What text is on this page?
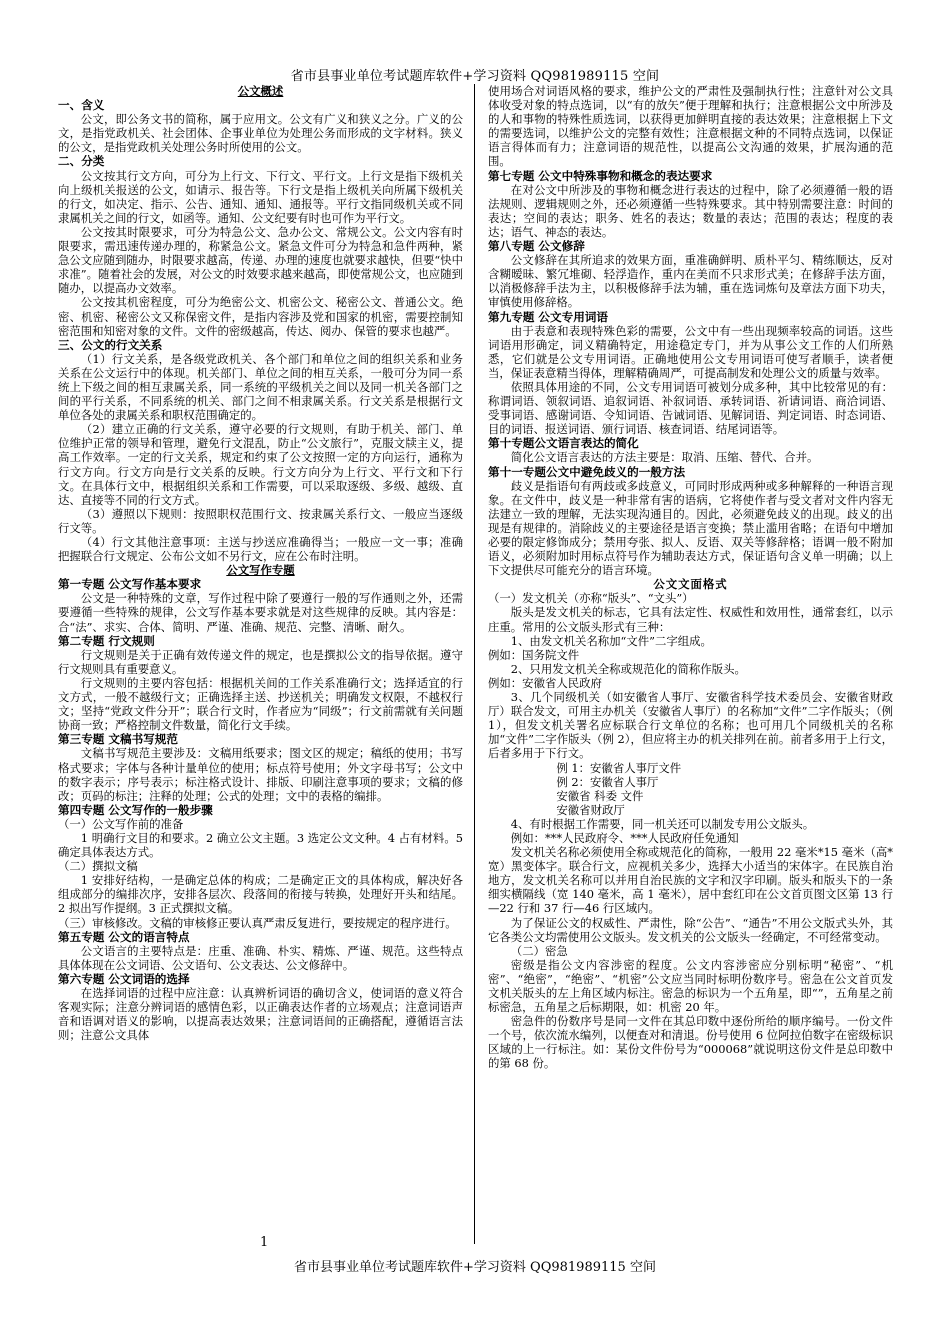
省市县事业单位考试题库软件+学习资料 QQ981989115 空间

公文概述

一、含义

公文，即公务文书的简称，属于应用文。公文有广义和狭义之分。广义的公文，是指党政机关、社会团体、企事业单位为处理公务而形成的文字材料。狭义的公文，是指党政机关处理公务时所使用的公文。

二、分类

公文按其行文方向，可分为上行文、下行文、平行文。上行文是指下级机关向上级机关报送的公文，如请示、报告等。下行文是指上级机关向所属下级机关的行文，如决定、指示、公告、通知、通知、通报等。平行文指同级机关或不同隶属机关之间的行文，如函等。通知、公文纪要有时也可作为平行文。

公文按其时限要求，可分为特急公文、急办公文、常规公文。公文内容有时限要求，需迅速传递办理的，称紧急公文。紧急文件可分为特急和急件两种，紧急公文应随到随办，时限要求越高，传递、办理的速度也就要求越快，但要“快中求准”。随着社会的发展，对公文的时效要求越来越高，即使常规公文，也应随到随办，以提高办文效率。

公文按其机密程度，可分为绝密公文、机密公文、秘密公文、普通公文。绝密、机密、秘密公文又称保密文件，是指内容涉及党和国家的机密，需要控制知密范围和知密对象的文件。文件的密级越高，传达、阅办、保管的要求也越严。

三、公文的行文关系

（1）行文关系，是各级党政机关、各个部门和单位之间的组织关系和业务关系在公文运行中的体现。机关部门、单位之间的相互关系，一般可分为同一系统上下级之间的相互隶属关系，同一系统的平级机关之间以及同一机关各部门之间的平行关系，不同系统的机关、部门之间不相隶属关系。行文关系是根据行文单位各处的隶属关系和职权范围确定的。

（2）建立正确的行文关系，遵守必要的行文规则，有助于机关、部门、单位维护正常的领导和管理，避免行文混乱，防止“公文旅行”，克服文牍主义，提高工作效率。一定的行文关系，规定和约束了公文按照一定的方向运行，通称为行文方向。行文方向是行文关系的反映。行文方向分为上行文、平行文和下行文。在具体行文中，根据组织关系和工作需要，可以采取逐级、多级、越级、直达、直接等不同的行文方式。

（3）遵照以下规则：按照职权范围行文、按隶属关系行文、一般应当逐级行文等。

（4）行文其他注意事项：主送与抄送应准确得当；一般应一文一事；准确把握联合行文规定、公布公文如不另行文，应在公布时注明。

公文写作专题

第一专题 公文写作基本要求

公文是一种特殊的文章，写作过程中除了要遵行一般的写作通则之外，还需要遵循一些特殊的规律，公文写作基本要求就是对这些规律的反映。其内容是：合“法”、求实、合体、简明、严谨、准确、规范、完整、清晰、耐久。

第二专题 行文规则

行文规则是关于正确有效传递文件的规定，也是撰拟公文的指导依据。遵守行文规则具有重要意义。

行文规则的主要内容包括：根据机关间的工作关系准确行文；选择适宜的行文方式，一般不越级行文；正确选择主送、抄送机关；明确发文权限，不越权行文；坚持“党政文件分开”；联合行文时，作者应为“同级”；行文前需就有关问题协商一致；严格控制文件数量，简化行文手续。

第三专题 文稿书写规范

文稿书写规范主要涉及：文稿用纸要求；图文区的规定；稿纸的使用；书写格式要求；字体与各种计量单位的使用；标点符号使用；外文字母书写；公文中的数字表示；序号表示；标注格式设计、排版、印刷注意事项的要求；文稿的修改；页码的标注；注释的处理；公式的处理；文中的表格的编排。

第四专题 公文写作的一般步骤

（一）公文写作前的准备

1 明确行文目的和要求。2 确立公文主题。3 选定公文文种。4 占有材料。5 确定具体表达方式。

（二）撰拟文稿

1 安排好结构，一是确定总体的构成；二是确定正文的具体构成，解决好各组成部分的编排次序，安排各层次、段落间的衔接与转换，处理好开头和结尾。2 拟出写作提纲。3 正式撰拟文稿。

（三）审核修改。文稿的审核修正要认真严肃反复进行，要按规定的程序进行。

第五专题 公文的语言特点

公文语言的主要特点是：庄重、准确、朴实、精炼、严谨、规范。这些特点具体体现在公文词语、公文语句、公文表达、公文修辞中。

第六专题 公文词语的选择

在选择词语的过程中应注意：认真辨析词语的确切含义，使词语的意义符合客观实际；注意分辨词语的感情色彩，以正确表达作者的立场观点；注意词语声音和语调对语义的影响，以提高表达效果；注意词语间的正确搭配，遵循语言法则；注意公文具体

使用场合对词语风格的要求，维护公文的严肃性及强制执行性；注意针对公文具体收受对象的特点选词，以“有的放矢”便于理解和执行；注意根据公文中所涉及的人和事物的特殊性质选词，以获得更加鲜明直接的表达效果；注意根据上下文的需要选词，以维护公文的完整有效性；注意根据文种的不同特点选词，以保证语言得体而有力；注意词语的规范性，以提高公文沟通的效果，扩展沟通的范围。

第七专题 公文中特殊事物和概念的表达要求

在对公文中所涉及的事物和概念进行表达的过程中，除了必须遵循一般的语法规则、逻辑规则之外，还必须遵循一些特殊要求。其中特别需要注意：时间的表达；空间的表达；职务、姓名的表达；数量的表达；范围的表达；程度的表达；语气、神态的表达。

第八专题 公文修辞

公文修辞在其所追求的效果方面，重准确鲜明、质朴平匀、精练顺达，反对含糊暧昧、繁冗堆砌、轻浮造作，重内在美而不只求形式美；在修辞手法方面，以消极修辞手法为主，以积极修辞手法为辅，重在选词炼句及章法方面下功夫，审慎使用修辞格。

第九专题 公文专用词语

由于表意和表现特殊色彩的需要，公文中有一些出现频率较高的词语。这些词语用形确定，词义精确特定，用途稳定专门，并为从事公文工作的人们所熟悉，它们就是公文专用词语。正确地使用公文专用词语可使写者顺手，读者便当，保证表意精当得体，理解精确周严，可提高制发和处理公文的质量与效率。

依照具体用途的不同，公文专用词语可被划分成多种，其中比较常见的有：称谓词语、领叙词语、追叙词语、补叙词语、承转词语、祈请词语、商洽词语、受事词语、感谢词语、令知词语、告诫词语、见解词语、判定词语、时态词语、目的词语、报送词语、颁行词语、核查词语、结尾词语等。

第十专题公文语言表达的简化

简化公文语言表达的方法主要是：取消、压缩、替代、合并。

第十一专题公文中避免歧义的一般方法

歧义是指语句有两歧或多歧意义，可同时形成两种或多种解释的一种语言现象。在文件中，歧义是一种非常有害的语病，它将使作者与受文者对文件内容无法建立一致的理解，无法实现沟通目的。因此，必须避免歧义的出现。歧义的出现是有规律的。消除歧义的主要途径是语言变换；禁止滥用省略；在语句中增加必要的限定修饰成分；禁用夸张、拟人、反语、双关等修辞格；语调一般不附加语义，必须附加时用标点符号作为辅助表达方式，保证语句含义单一明确；以上下文提供尽可能充分的语言环境。

公文文面格式

（一）发文机关（亦称“版头”、“文头”）

版头是发文机关的标志，它具有法定性、权威性和效用性，通常套红，以示庄重。常用的公文版头形式有三种：

1、由发文机关名称加“文件”二字组成。

例如：国务院文件

2、只用发文机关全称或规范化的简称作版头。

例如：安徽省人民政府

3、几个同级机关（如安徽省人事厅、安徽省科学技术委员会、安徽省财政厅）联合发文，可用主办机关（安徽省人事厅）的名称加“文件”二字作版头；（例 1），但发文机关署名应标联合行文单位的名称；也可用几个同级机关的名称加“文件”二字作版头（例 2），但应将主办的机关排列在前。前者多用于上行文，后者多用于下行文。

例 1：安徽省人事厅文件

例 2：安徽省人事厅

安徽省 科委 文件

安徽省财政厅

4、有时根据工作需要，同一机关还可以制发专用公文版头。

例如：***人民政府令、***人民政府任免通知

发文机关名称必须使用全称或规范化的简称，一般用 22 毫米*15 毫米（高*宽）黑变体字。联合行文，应视机关多少，选择大小适当的宋体字。在民族自治地方，发文机关名称可以并用自治民族的文字和汉字印刷。版头和版头下的一条细实横隔线（宽 140 毫米，高 1 毫米），居中套红印在公文首页图文区第 13 行—22 行和 37 行—46 行区域内。

为了保证公文的权威性、严肃性，除“公告”、“通告”不用公文版式头外，其它各类公文均需使用公文版头。发文机关的公文版头一经确定，不可经常变动。

（二）密急

密级是指公文内容涉密的程度。公文内容涉密应分别标明“秘密”、“机密”、“绝密”，“绝密”、“机密”公文应当同时标明份数序号。密急在公文首页发文机关版头的左上角区域内标注。密急的标识为一个五角星，即“”，五角星之前标密急，五角星之后标期限，如：机密 20 年。

密急件的份数序号是同一文件在其总印数中逐份所给的顺序编号。一份文件一个号，依次流水编列，以便查对和清退。份号使用 6 位阿拉伯数字在密级标识区域的上一行标注。如：某份文件份号为“000068”就说明这份文件是总印数中的第 68 份。

1
省市县事业单位考试题库软件+学习资料 QQ981989115 空间
